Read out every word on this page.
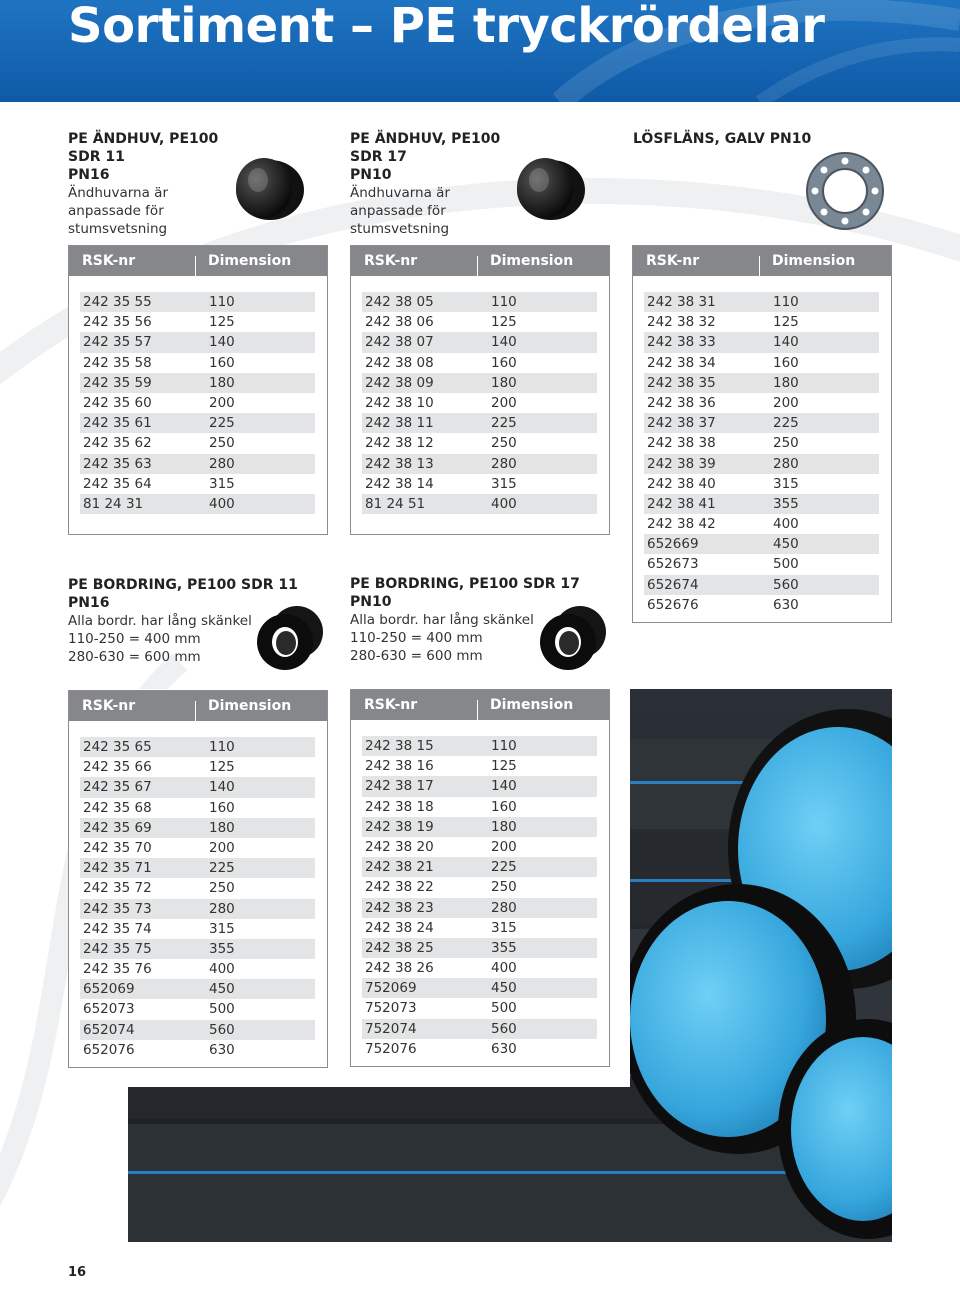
Sortiment – PE tryckrördelar
PE ÄNDHUV, PE100 SDR 11
PN16
Ändhuvarna är
anpassade för
stumsvetsning
PE ÄNDHUV, PE100 SDR 17
PN10
Ändhuvarna är
anpassade för
stumsvetsning
LÖSFLÄNS, GALV PN10
RSK-nr	Dimension
242 35 55	110
242 35 56	125
242 35 57	140
242 35 58	160
242 35 59	180
242 35 60	200
242 35 61	225
242 35 62	250
242 35 63	280
242 35 64	315
81 24 31	400
RSK-nr	Dimension
242 38 05	110
242 38 06	125
242 38 07	140
242 38 08	160
242 38 09	180
242 38 10	200
242 38 11	225
242 38 12	250
242 38 13	280
242 38 14	315
81 24 51	400
RSK-nr	Dimension
242 38 31	110
242 38 32	125
242 38 33	140
242 38 34	160
242 38 35	180
242 38 36	200
242 38 37	225
242 38 38	250
242 38 39	280
242 38 40	315
242 38 41	355
242 38 42	400
652669	450
652673	500
652674	560
652676	630
PE BORDRING, PE100 SDR 11
PN16
Alla bordr. har lång skänkel
110-250 = 400 mm
280-630 = 600 mm
PE BORDRING, PE100 SDR 17
PN10
Alla bordr. har lång skänkel
110-250 = 400 mm
280-630 = 600 mm
RSK-nr	Dimension
242 35 65	110
242 35 66	125
242 35 67	140
242 35 68	160
242 35 69	180
242 35 70	200
242 35 71	225
242 35 72	250
242 35 73	280
242 35 74	315
242 35 75	355
242 35 76	400
652069	450
652073	500
652074	560
652076	630
RSK-nr	Dimension
242 38 15	110
242 38 16	125
242 38 17	140
242 38 18	160
242 38 19	180
242 38 20	200
242 38 21	225
242 38 22	250
242 38 23	280
242 38 24	315
242 38 25	355
242 38 26	400
752069	450
752073	500
752074	560
752076	630
16
